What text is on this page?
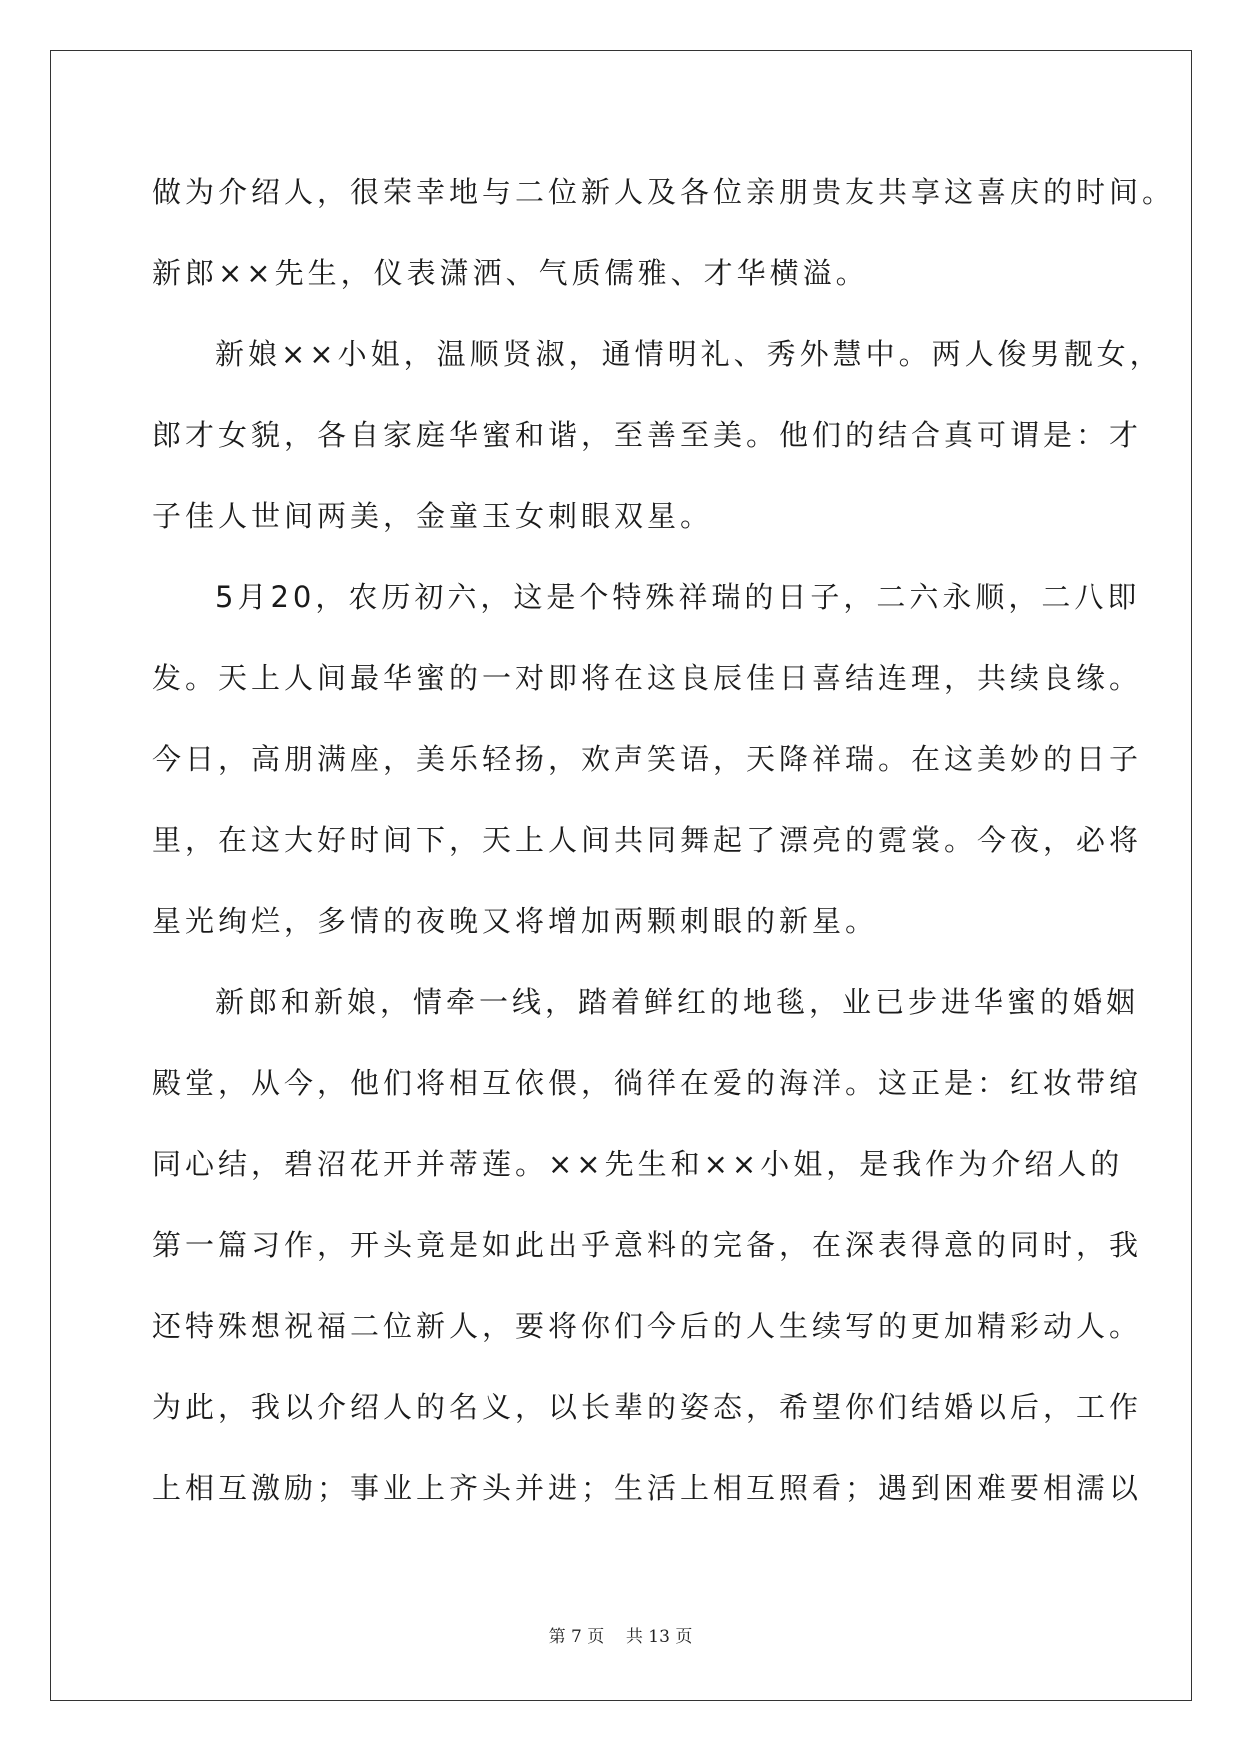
做为介绍人，很荣幸地与二位新人及各位亲朋贵友共享这喜庆的时间。
新郎××先生，仪表潇洒、气质儒雅、才华横溢。
新娘××小姐，温顺贤淑，通情明礼、秀外慧中。两人俊男靓女，
郎才女貌，各自家庭华蜜和谐，至善至美。他们的结合真可谓是：才
子佳人世间两美，金童玉女刺眼双星。
5月20，农历初六，这是个特殊祥瑞的日子，二六永顺，二八即
发。天上人间最华蜜的一对即将在这良辰佳日喜结连理，共续良缘。
今日，高朋满座，美乐轻扬，欢声笑语，天降祥瑞。在这美妙的日子
里，在这大好时间下，天上人间共同舞起了漂亮的霓裳。今夜，必将
星光绚烂，多情的夜晚又将增加两颗刺眼的新星。
新郎和新娘，情牵一线，踏着鲜红的地毯，业已步进华蜜的婚姻
殿堂，从今，他们将相互依偎，徜徉在爱的海洋。这正是：红妆带绾
同心结，碧沼花开并蒂莲。××先生和××小姐，是我作为介绍人的
第一篇习作，开头竟是如此出乎意料的完备，在深表得意的同时，我
还特殊想祝福二位新人，要将你们今后的人生续写的更加精彩动人。
为此，我以介绍人的名义，以长辈的姿态，希望你们结婚以后，工作
上相互激励；事业上齐头并进；生活上相互照看；遇到困难要相濡以
第 7 页    共 13 页
